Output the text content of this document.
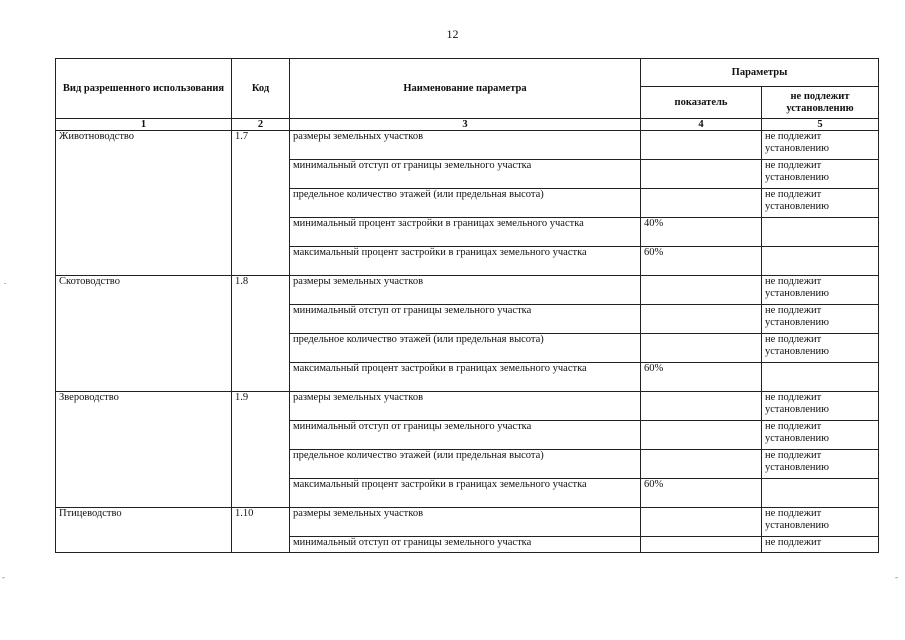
12
Вид разрешенного использования	Код	Наименование параметра	Параметры	
			показатель	не подлежит установлению
1	2	3	4	5
Животноводство	1.7	размеры земельных участков		не подлежит установлению
		минимальный отступ от границы земельного участка		не подлежит установлению
		предельное количество этажей (или предельная высота)		не подлежит установлению
		минимальный процент застройки в границах земельного участка	40%	
		максимальный процент застройки в границах земельного участка	60%	
Скотоводство	1.8	размеры земельных участков		не подлежит установлению
		минимальный отступ от границы земельного участка		не подлежит установлению
		предельное количество этажей (или предельная высота)		не подлежит установлению
		максимальный процент застройки в границах земельного участка	60%	
Звероводство	1.9	размеры земельных участков		не подлежит установлению
		минимальный отступ от границы земельного участка		не подлежит установлению
		предельное количество этажей (или предельная высота)		не подлежит установлению
		максимальный процент застройки в границах земельного участка	60%	
Птицеводство	1.10	размеры земельных участков		не подлежит установлению
		минимальный отступ от границы земельного участка		не подлежит
.
-	-
